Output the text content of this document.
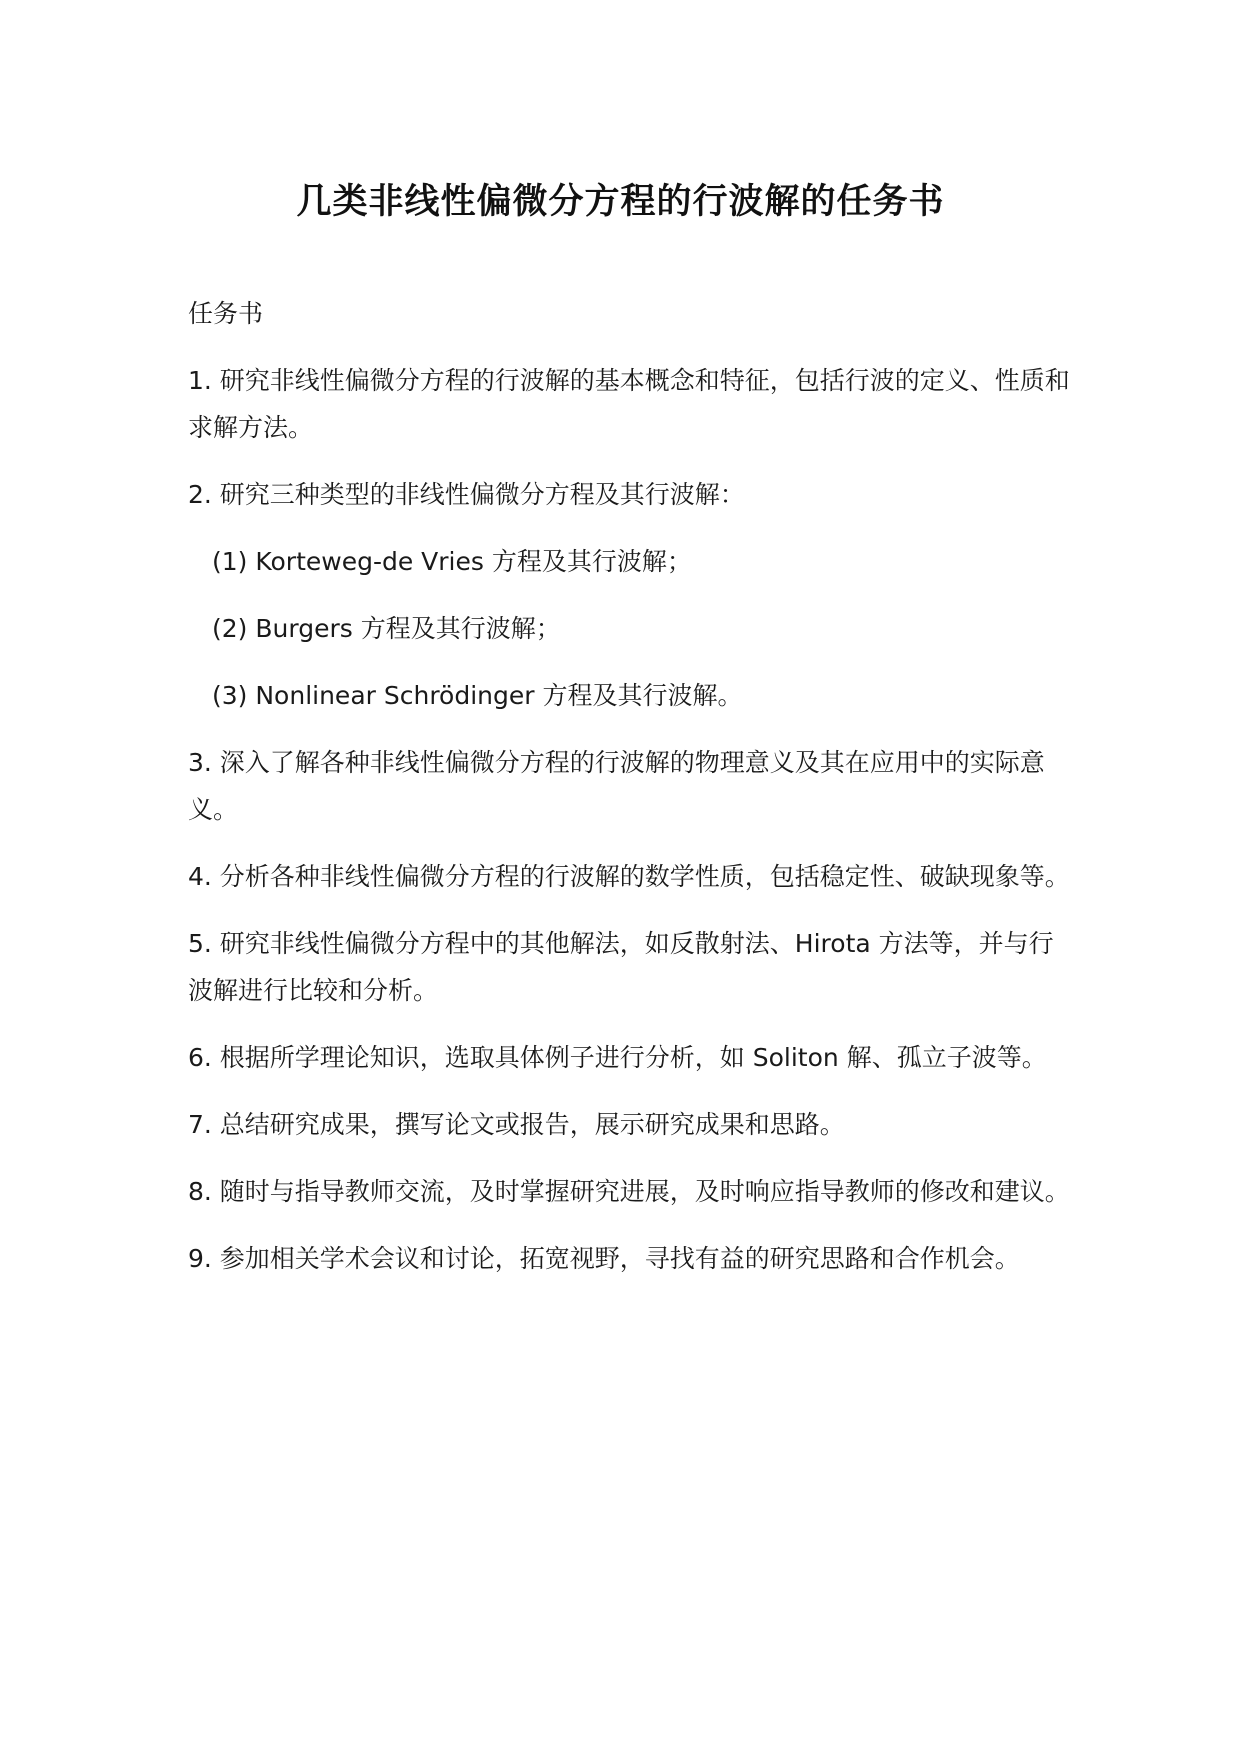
几类非线性偏微分方程的行波解的任务书
任务书

1. 研究非线性偏微分方程的行波解的基本概念和特征，包括行波的定义、性质和求解方法。

2. 研究三种类型的非线性偏微分方程及其行波解：

(1) Korteweg-de Vries 方程及其行波解；

(2) Burgers 方程及其行波解；

(3) Nonlinear Schrödinger 方程及其行波解。

3. 深入了解各种非线性偏微分方程的行波解的物理意义及其在应用中的实际意义。

4. 分析各种非线性偏微分方程的行波解的数学性质，包括稳定性、破缺现象等。

5. 研究非线性偏微分方程中的其他解法，如反散射法、Hirota 方法等，并与行波解进行比较和分析。

6. 根据所学理论知识，选取具体例子进行分析，如 Soliton 解、孤立子波等。

7. 总结研究成果，撰写论文或报告，展示研究成果和思路。

8. 随时与指导教师交流，及时掌握研究进展，及时响应指导教师的修改和建议。

9. 参加相关学术会议和讨论，拓宽视野，寻找有益的研究思路和合作机会。
